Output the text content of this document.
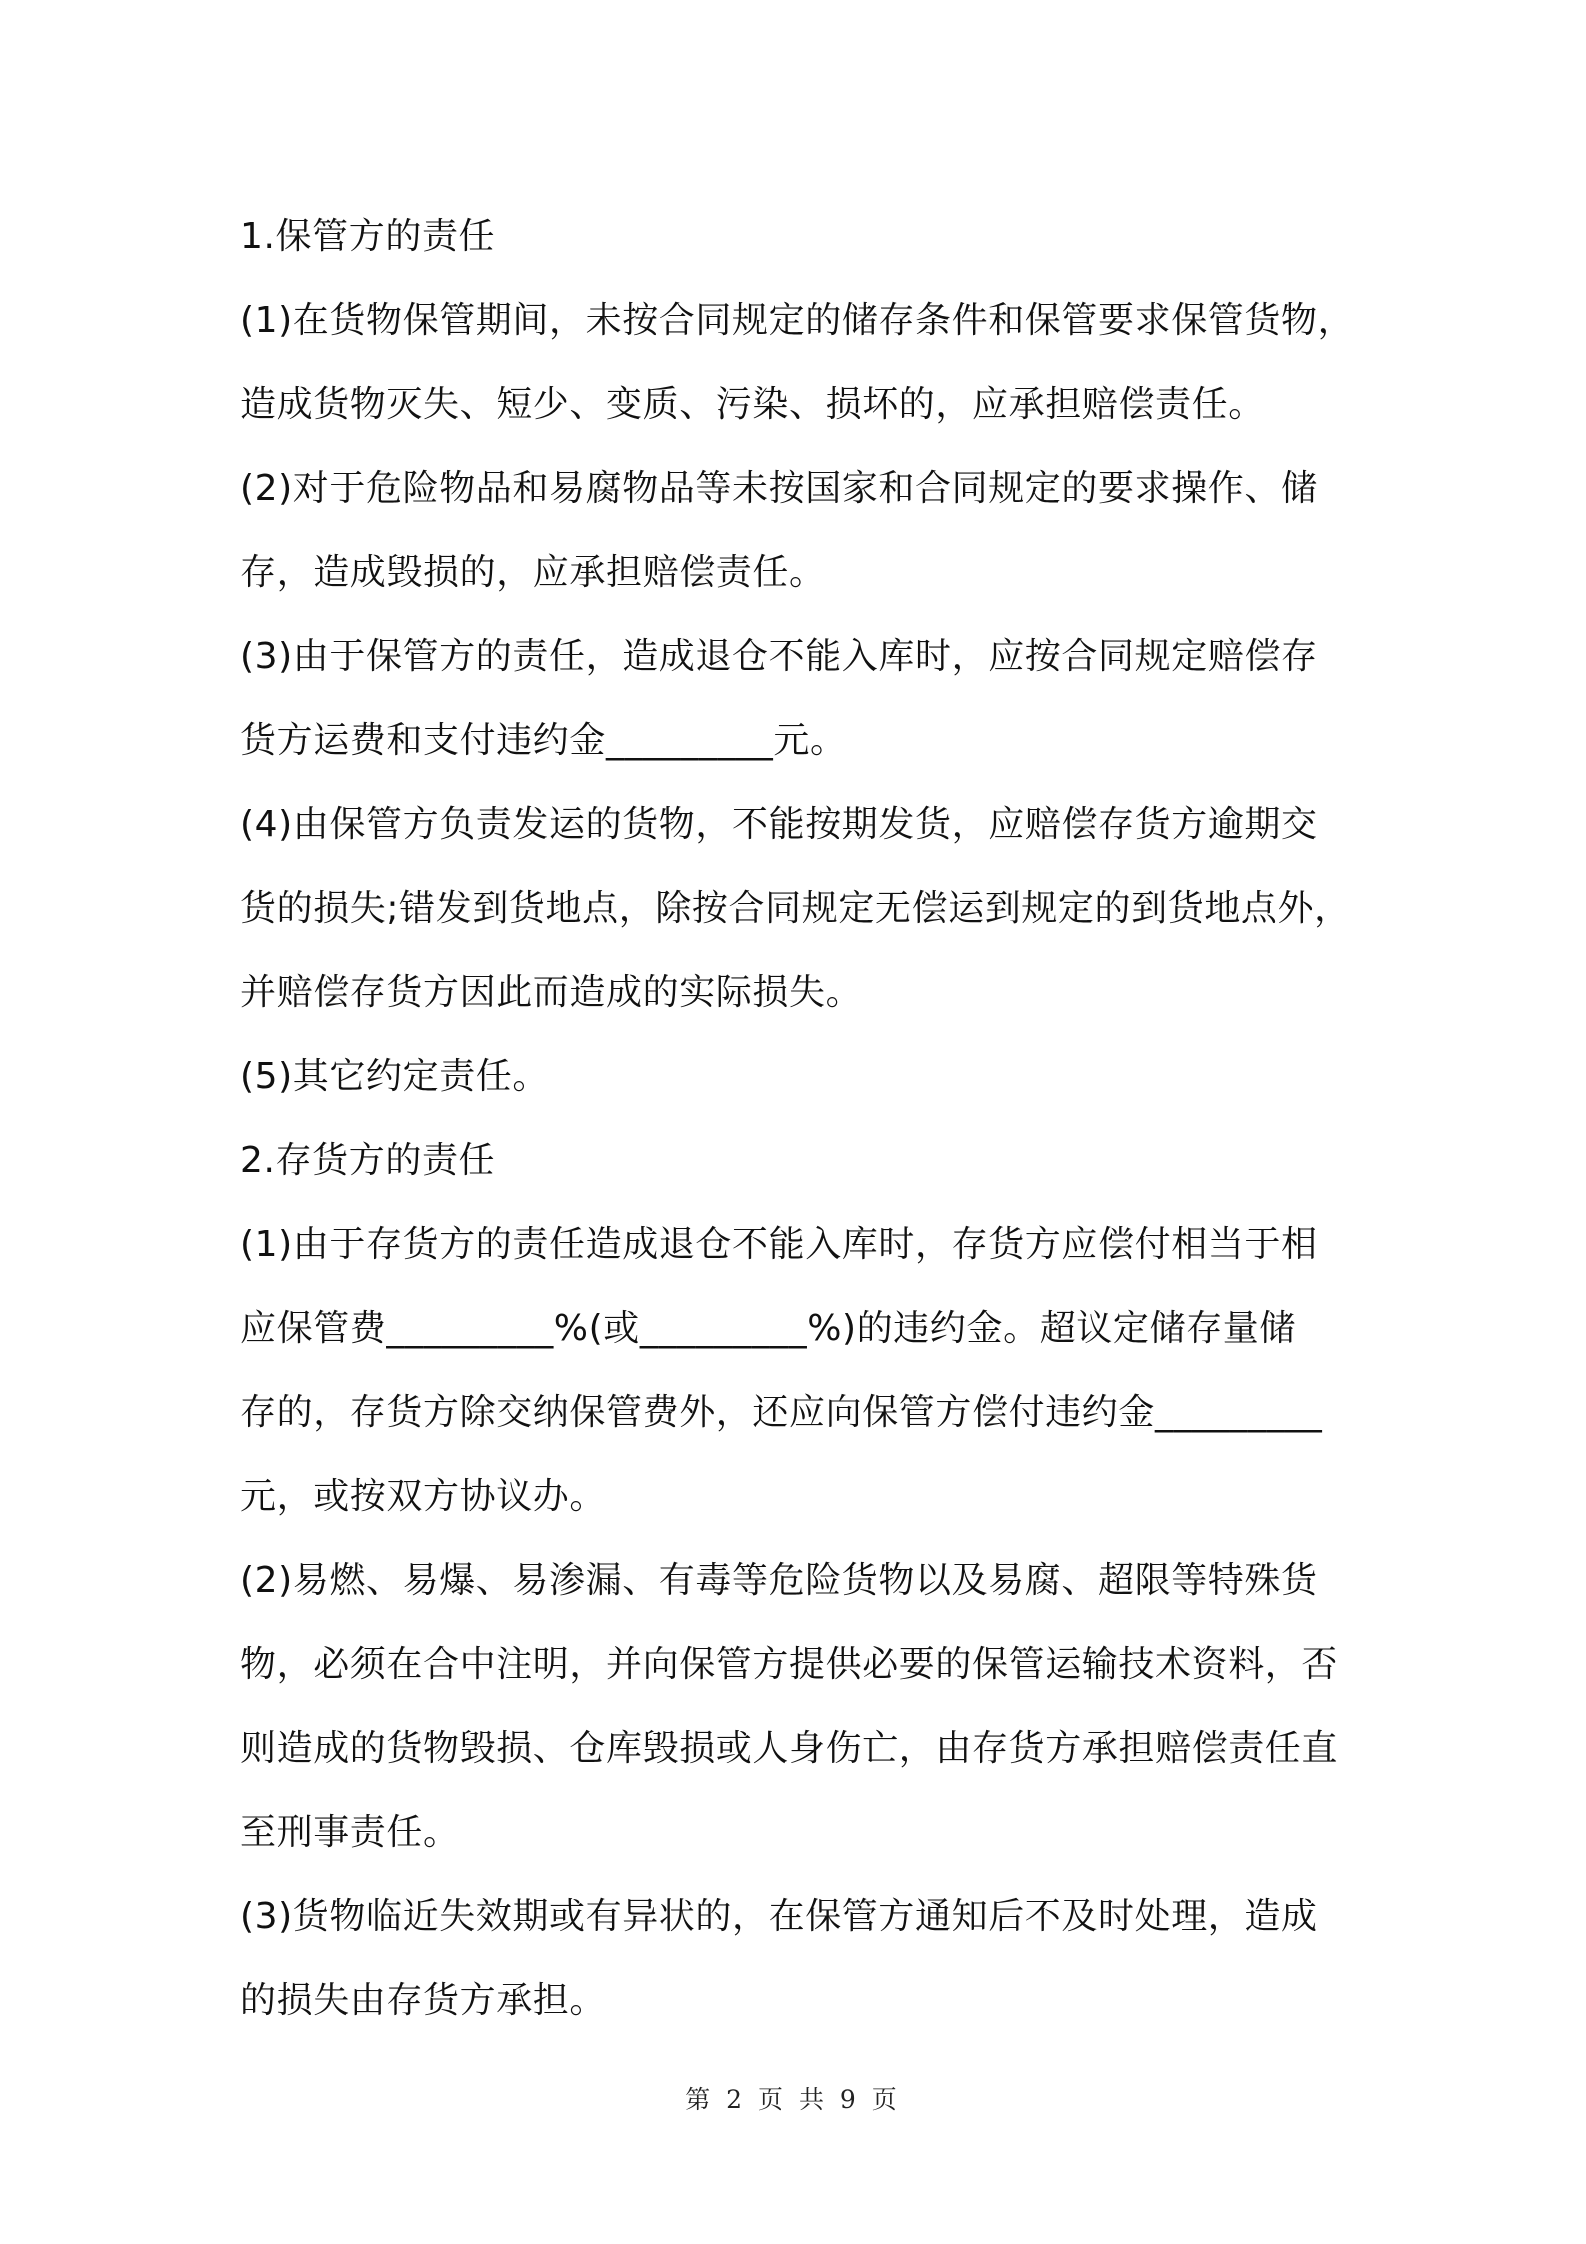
1.保管方的责任
(1)在货物保管期间，未按合同规定的储存条件和保管要求保管货物，
造成货物灭失、短少、变质、污染、损坏的，应承担赔偿责任。
(2)对于危险物品和易腐物品等未按国家和合同规定的要求操作、储
存，造成毁损的，应承担赔偿责任。
(3)由于保管方的责任，造成退仓不能入库时，应按合同规定赔偿存
货方运费和支付违约金_________元。
(4)由保管方负责发运的货物，不能按期发货，应赔偿存货方逾期交
货的损失;错发到货地点，除按合同规定无偿运到规定的到货地点外，
并赔偿存货方因此而造成的实际损失。
(5)其它约定责任。
2.存货方的责任
(1)由于存货方的责任造成退仓不能入库时，存货方应偿付相当于相
应保管费_________%(或_________%)的违约金。超议定储存量储
存的，存货方除交纳保管费外，还应向保管方偿付违约金_________
元，或按双方协议办。
(2)易燃、易爆、易渗漏、有毒等危险货物以及易腐、超限等特殊货
物，必须在合中注明，并向保管方提供必要的保管运输技术资料，否
则造成的货物毁损、仓库毁损或人身伤亡，由存货方承担赔偿责任直
至刑事责任。
(3)货物临近失效期或有异状的，在保管方通知后不及时处理，造成
的损失由存货方承担。
第 2 页 共 9 页
